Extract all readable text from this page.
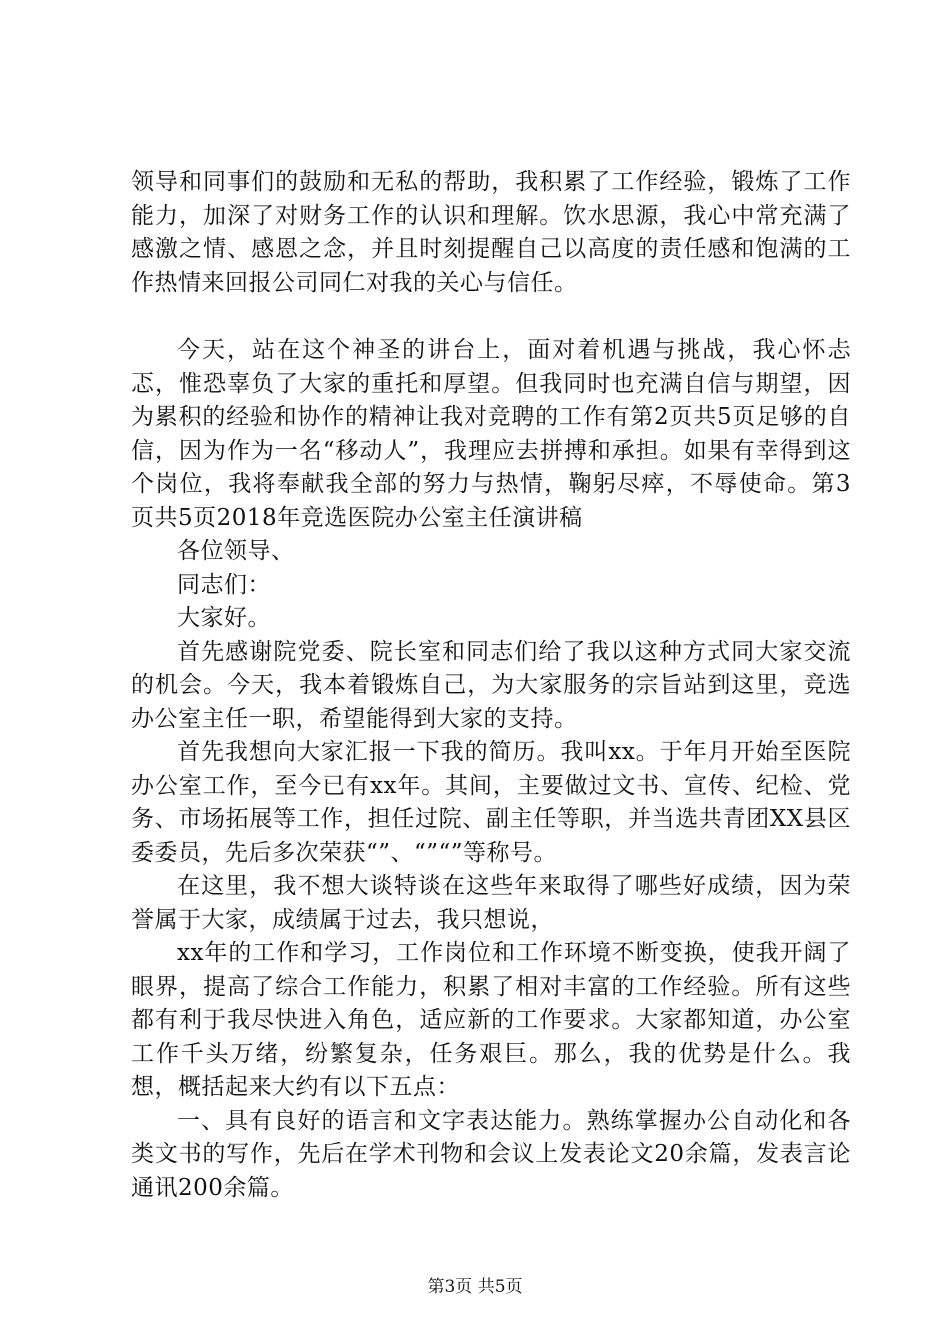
领导和同事们的鼓励和无私的帮助，我积累了工作经验，锻炼了工作能力，加深了对财务工作的认识和理解。饮水思源，我心中常充满了感激之情、感恩之念，并且时刻提醒自己以高度的责任感和饱满的工作热情来回报公司同仁对我的关心与信任。

今天，站在这个神圣的讲台上，面对着机遇与挑战，我心怀忐忑，惟恐辜负了大家的重托和厚望。但我同时也充满自信与期望，因为累积的经验和协作的精神让我对竞聘的工作有第2页共5页足够的自信，因为作为一名“移动人”，我理应去拼搏和承担。如果有幸得到这个岗位，我将奉献我全部的努力与热情，鞠躬尽瘁，不辱使命。第3页共5页2018年竞选医院办公室主任演讲稿

各位领导、

同志们：

大家好。

首先感谢院党委、院长室和同志们给了我以这种方式同大家交流的机会。今天，我本着锻炼自己，为大家服务的宗旨站到这里，竞选办公室主任一职，希望能得到大家的支持。

首先我想向大家汇报一下我的简历。我叫xx。于年月开始至医院办公室工作，至今已有xx年。其间，主要做过文书、宣传、纪检、党务、市场拓展等工作，担任过院、副主任等职，并当选共青团XX县区委委员，先后多次荣获“”、“”“”等称号。

在这里，我不想大谈特谈在这些年来取得了哪些好成绩，因为荣誉属于大家，成绩属于过去，我只想说，

xx年的工作和学习，工作岗位和工作环境不断变换，使我开阔了眼界，提高了综合工作能力，积累了相对丰富的工作经验。所有这些都有利于我尽快进入角色，适应新的工作要求。大家都知道，办公室工作千头万绪，纷繁复杂，任务艰巨。那么，我的优势是什么。我想，概括起来大约有以下五点：

一、具有良好的语言和文字表达能力。熟练掌握办公自动化和各类文书的写作，先后在学术刊物和会议上发表论文20余篇，发表言论通讯200余篇。

第3页 共5页
